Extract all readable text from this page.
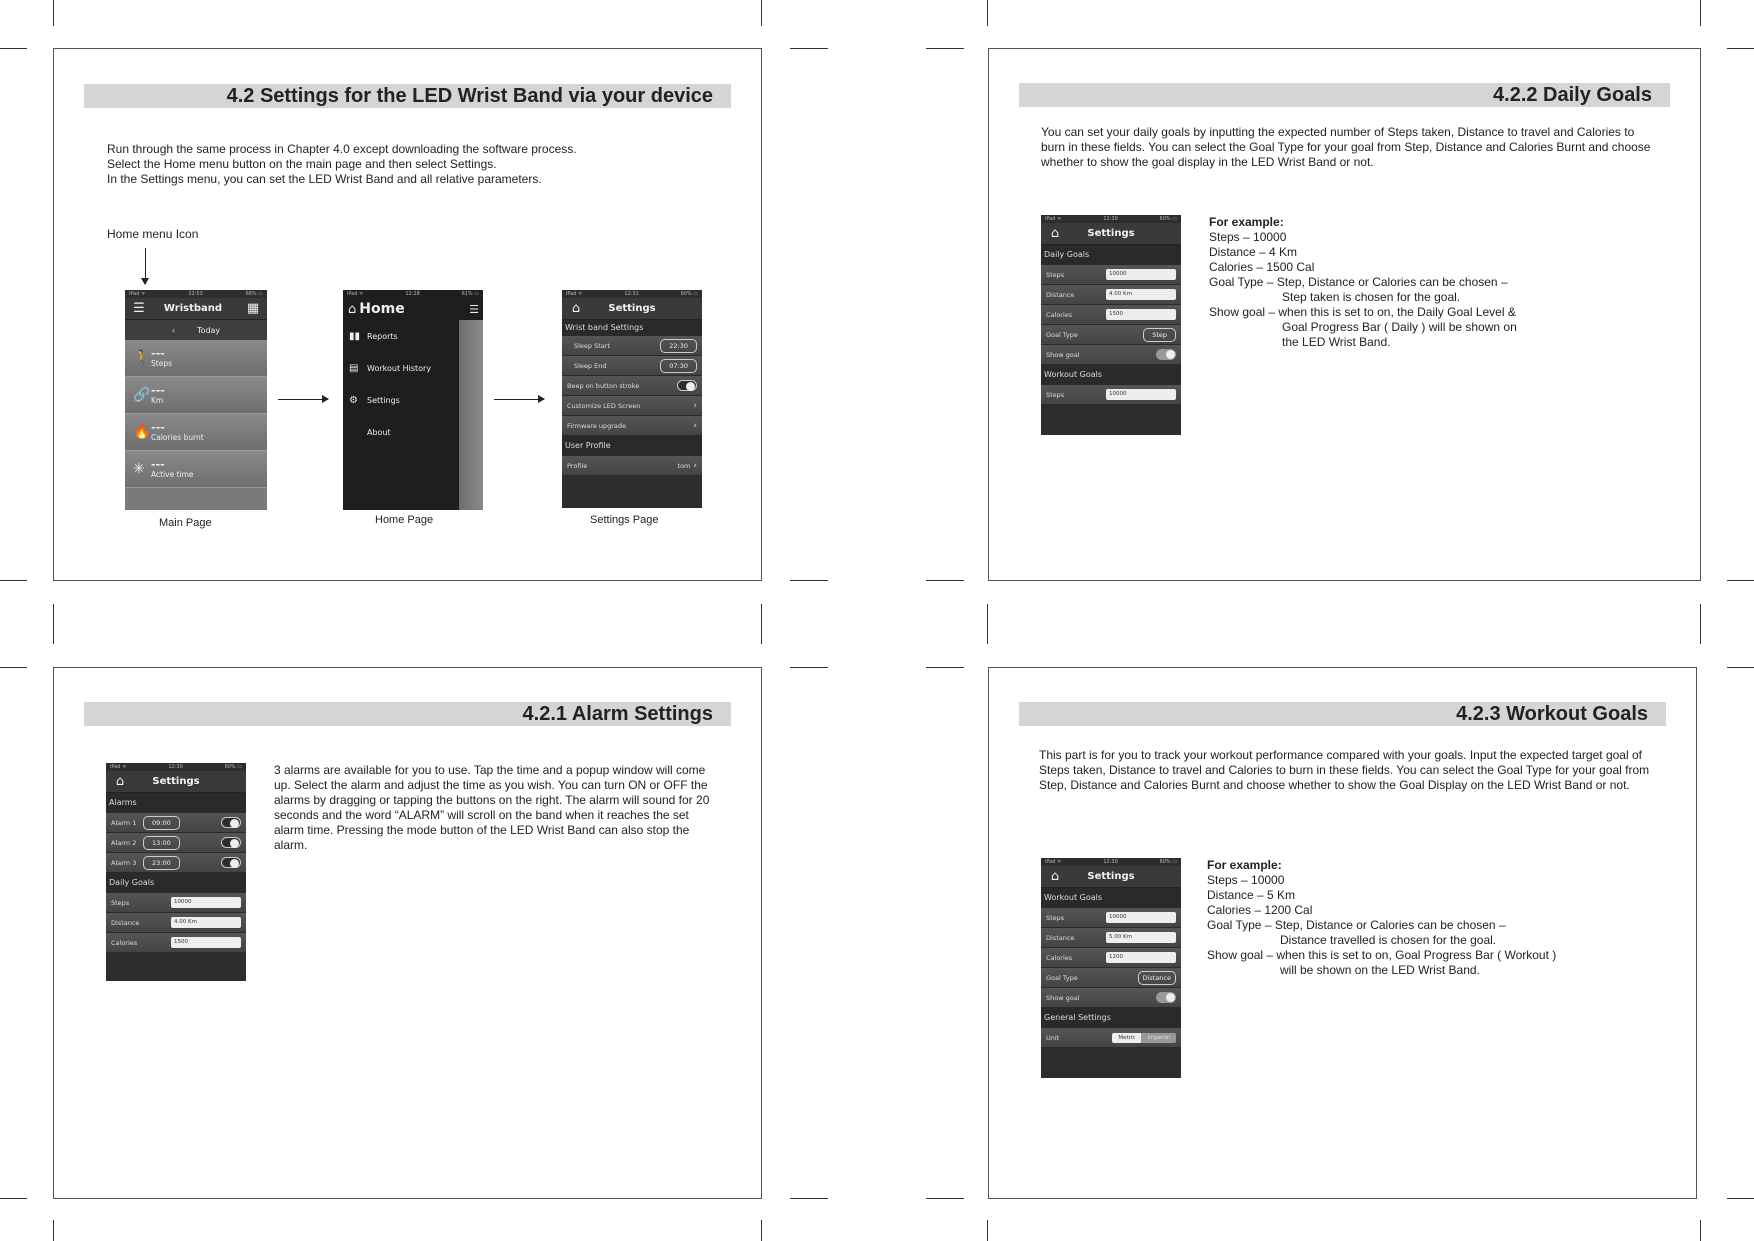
4.2 Settings for the LED Wrist Band via your device
Run through the same process in Chapter 4.0 except downloading the software process.
Select the Home menu button on the main page and then select Settings.
In the Settings menu, you can set the LED Wrist Band and all relative parameters.
Home menu Icon
iPad ᯤ	12:53	66% ▭
☰	Wristband	▦
‹	Today
🚶 ---
Steps
🔗 ---
Km
🔥 ---
Calories burnt
✳ ---
Active time
Main Page
iPad ᯤ	12:28	61% ▭
⌂ Home	☰
▮▮ Reports
▤	Workout History
⚙	Settings
About
Home Page
iPad ᯤ	12:31	60% ▭
⌂	Settings
Wrist band Settings
Sleep Start	22:30
Sleep End	07:30
Beep on button stroke
Customize LED Screen	›
Firmware upgrade	›
User Profile
Profile	tom ›
Settings Page
4.2.2 Daily Goals
You can set your daily goals by inputting the expected number of Steps taken, Distance to travel and Calories to burn in these fields. You can select the Goal Type for your goal from Step, Distance and Calories Burnt and choose whether to show the goal display in the LED Wrist Band or not.
iPad ᯤ	12:30	60% ▭
⌂	Settings
Daily Goals
Steps	10000
Distance	4.00 Km
Calories	1500
Goal Type	Step
Show goal
Workout Goals
Steps	10000
For example:
Steps – 10000
Distance – 4 Km
Calories – 1500 Cal
Goal Type – Step, Distance or Calories can be chosen –
Step taken is chosen for the goal.
Show goal – when this is set to on, the Daily Goal Level &
Goal Progress Bar ( Daily ) will be shown on
the LED Wrist Band.
4.2.1 Alarm Settings
iPad ᯤ	12:30	60% ▭
⌂	Settings
Alarms
Alarm 1	09:00
Alarm 2	13:00
Alarm 3	23:00
Daily Goals
Steps	10000
Distance	4.00 Km
Calories	1500
3 alarms are available for you to use. Tap the time and a popup window will come up. Select the alarm and adjust the time as you wish. You can turn ON or OFF the alarms by dragging or tapping the buttons on the right. The alarm will sound for 20 seconds and the word “ALARM” will scroll on the band when it reaches the set alarm time. Pressing the mode button of the LED Wrist Band can also stop the alarm.
4.2.3 Workout Goals
This part is for you to track your workout performance compared with your goals. Input the expected target goal of Steps taken, Distance to travel and Calories to burn in these fields. You can select the Goal Type for your goal from Step, Distance and Calories Burnt and choose whether to show the Goal Display on the LED Wrist Band or not.
iPad ᯤ	12:30	60% ▭
⌂	Settings
Workout Goals
Steps	10000
Distance	5.00 Km
Calories	1200
Goal Type	Distance
Show goal
General Settings
Unit	Metric	Imperial
For example:
Steps – 10000
Distance – 5 Km
Calories – 1200 Cal
Goal Type – Step, Distance or Calories can be chosen –
Distance travelled is chosen for the goal.
Show goal – when this is set to on, Goal Progress Bar ( Workout )
will be shown on the LED Wrist Band.
